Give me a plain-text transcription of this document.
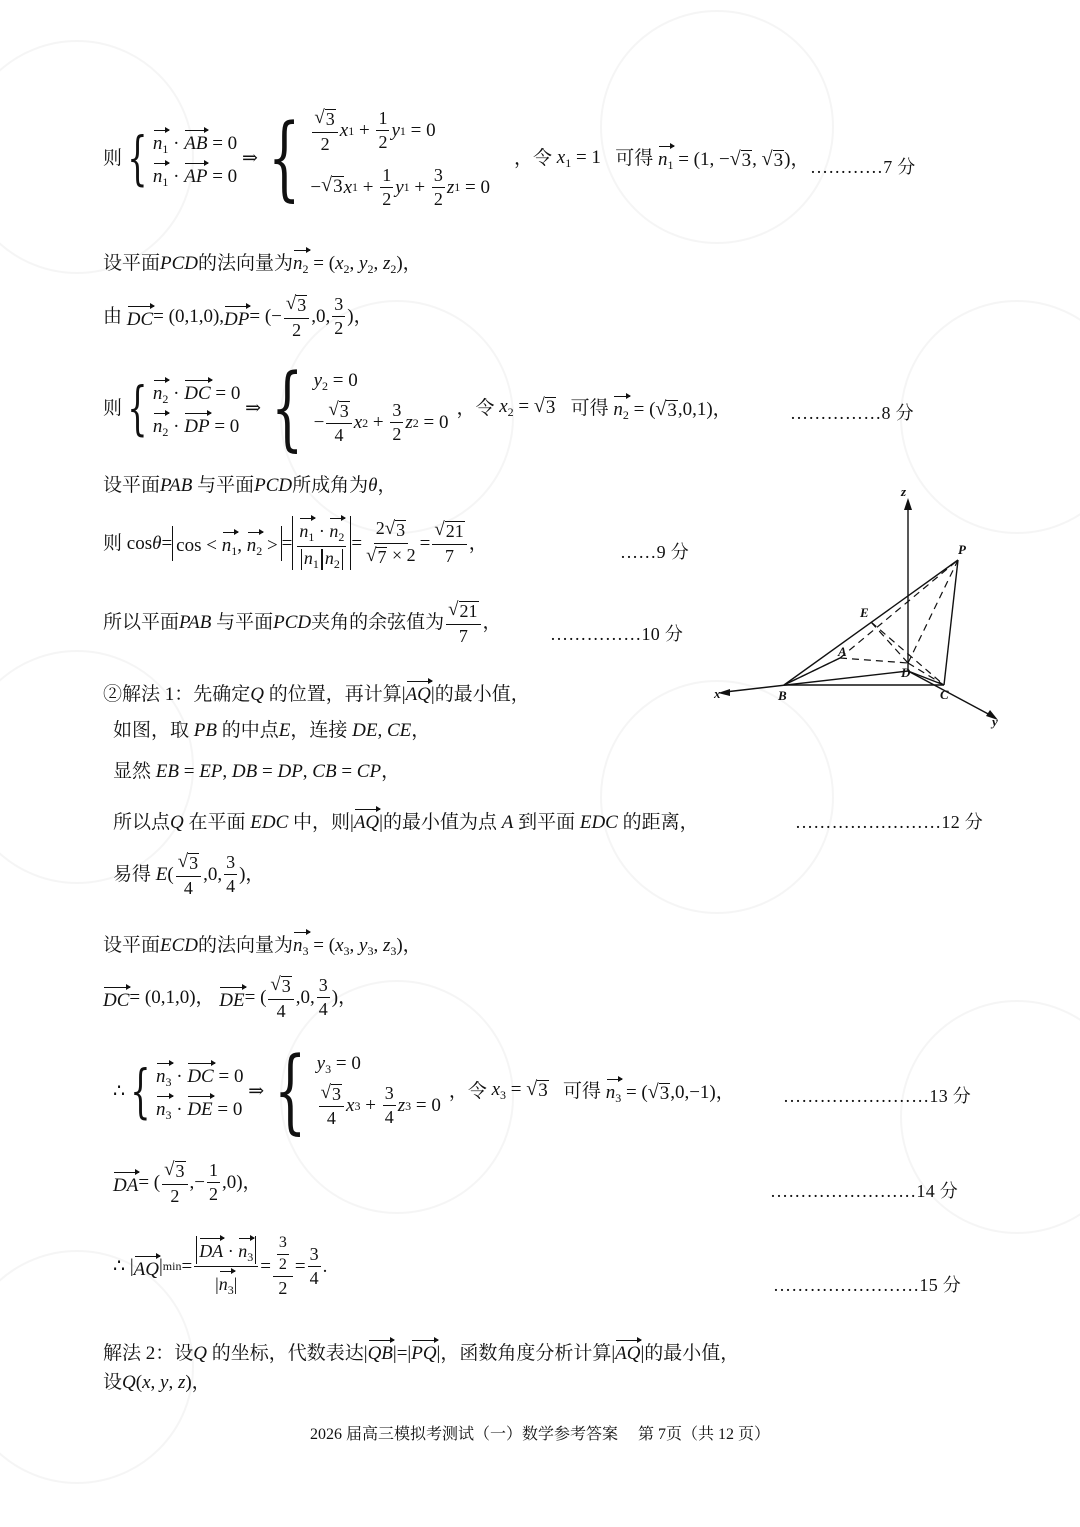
则 { $n_1$ · AB = 0
$n_1$ · AP = 0
⇒ { $\frac{√ 3}{2}$ x $1 + \frac{1}{2}$ y 1 = 0
− √ 3 x $1 + \frac{1}{2}$ y $1 + \frac{3}{2}$ z 1 = 0
，令 $x_1 = 1$ 可得 $n_1 = (1$, − √ 3 , √ 3 )， …………7 分
设平面PCD的法向量为$n_2 = (x_2$, $y_2$, $z_2$)，
由
DC = (0,1,0), DP = (− $\frac{√ 3}{2} ,0$, $\frac{3}{2}$ )，
则 { $n_2$ · DC = 0
$n_2$ · DP = 0
⇒ { $y_2 = 0$
− $\frac{√ 3}{4}$ x $2 + \frac{3}{2}$ z 2 = 0
，令 $x_2$ = √ 3
可得 $n_2$ = ( √ 3 ,0,1)，	……………8 分
设平面PAB 与平面PCD所成角为θ，
则 $\cos \theta = \cos < n_1$, $n_2$ > = $\frac{n_1 \cdot n_2}{n_1 n_2} = \frac{2 √ 3}{√ 7 \times 2} = \frac{√ 21}{7}$ ，	……9 分
所以平面 PAB
与平面 PCD 夹角的余弦值为 $\frac{√ 21}{7}$ ，
……………10 分
②解法 1：先确定Q 的位置，再计算|AQ|的最小值，
如图，取 PB 的中点E，连接 DE, CE，
显然 EB = EP, DB = DP, CB = CP，
所以点Q 在平面 EDC 中，则|AQ|的最小值为点 A 到平面 EDC 的距离，	……………………12 分
易得
E ( $\frac{√ 3}{4} ,0$, $\frac{3}{4}$ )，
设平面ECD的法向量为$n_3 = (x_3$, $y_3$, $z_3$)，
DC = (0,1,0)， DE = ( $\frac{√ 3}{4} ,0$, $\frac{3}{4}$ )，
∴ { $n_3$ · DC = 0
$n_3$ · DE = 0
⇒ { $y_3 = 0$
$\frac{√ 3}{4}$ x $3 + \frac{3}{4}$ z 3 = 0
，令 $x_3$ = √ 3
可得 $n_3$ = ( √ 3 ,0,−1)，	……………………13 分
DA = ( $\frac{√ 3}{2}$ ,− $\frac{1}{2} ,0$)，	……………………14 分
∴ | AQ | $\min = \frac{DA \cdot n_3}{|n_3|} = \frac{\frac{3}{2}}{2} = \frac{3}{4}$ .
……………………15 分
解法 2：设Q 的坐标，代数表达|QB|=|PQ|，函数角度分析计算|AQ|的最小值，
设Q(x, y, z)，
2026 届高三模拟考测试（一）数学参考答案　 第 7页（共 12 页）
z
P
E
A
D
B	C
x
y
